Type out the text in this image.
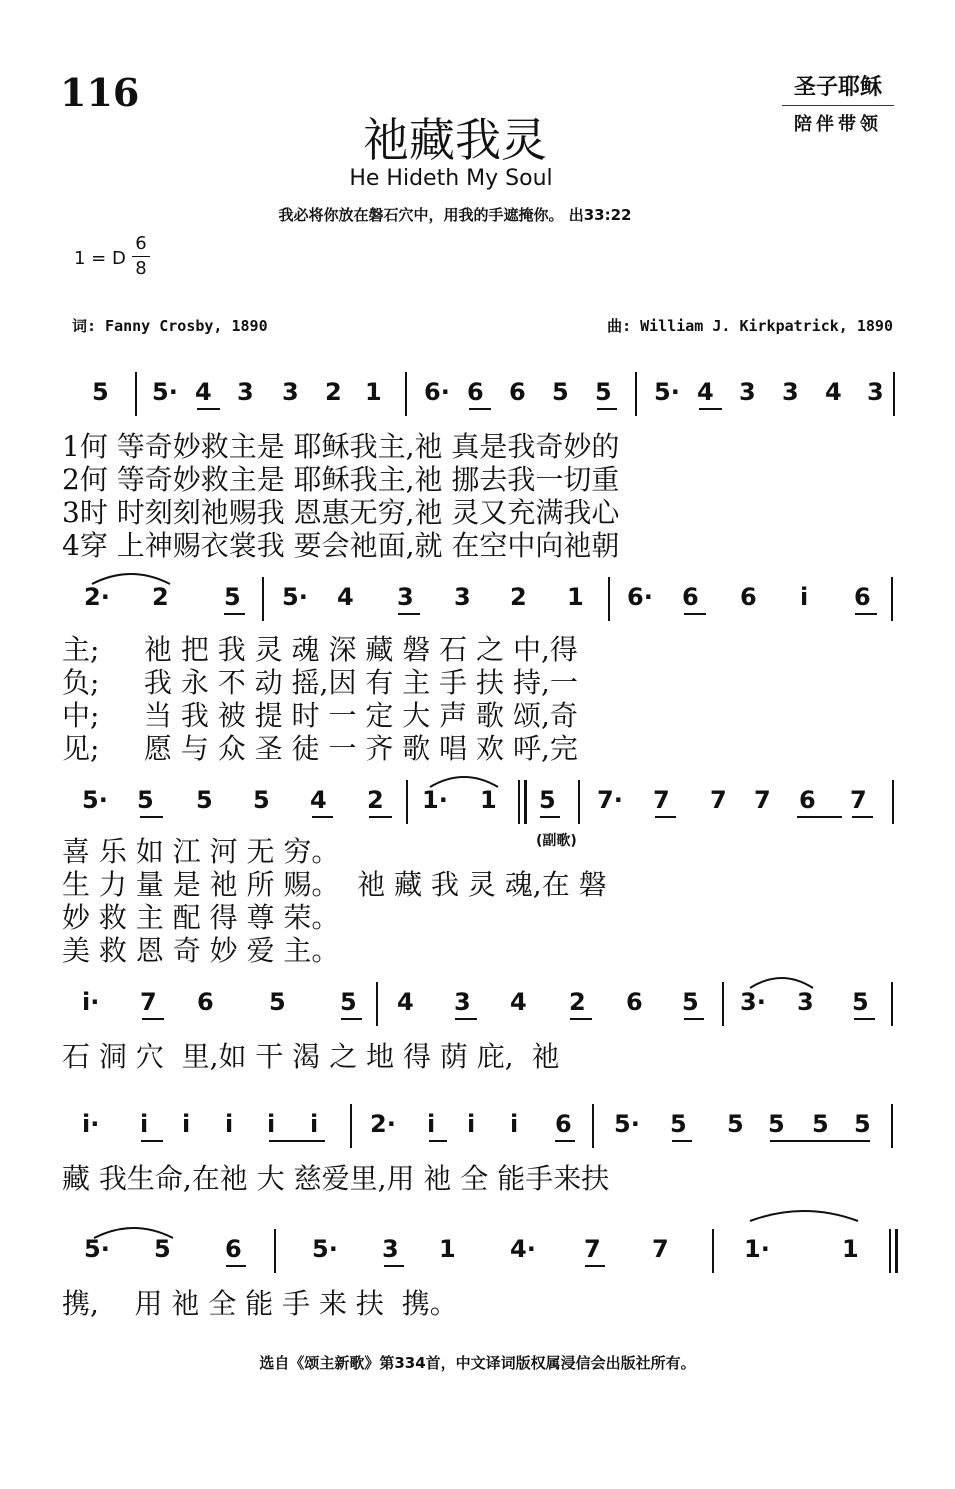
116	圣子耶稣
陪伴带领
祂藏我灵
He Hideth My Soul
我必将你放在磐石穴中，用我的手遮掩你。 出33:22
1 = D $\frac{6}{8}$
词: Fanny Crosby, 1890	曲: William J. Kirkpatrick, 1890
5 5· 4 3 3 2 1 6· 6 6 5 5 5· 4 3 3 4 3
1何 等奇妙救主是 耶稣我主,祂 真是我奇妙的
2何 等奇妙救主是 耶稣我主,祂 挪去我一切重
3时 时刻刻祂赐我 恩惠无穷,祂 灵又充满我心
4穿 上神赐衣裳我 要会祂面,就 在空中向祂朝
2· 2 5 5· 4 3 3 2 1 6· 6 6 i 6
主;     祂 把 我 灵 魂 深 藏 磐 石 之 中,得
负;     我 永 不 动 摇,因 有 主 手 扶 持,一
中;     当 我 被 提 时 一 定 大 声 歌 颂,奇
见;     愿 与 众 圣 徒 一 齐 歌 唱 欢 呼,完
5· 5 5 5 4 2 1· 1 5 7· 7 7 7 6 7
喜 乐 如 江 河 无 穷。
生 力 量 是 祂 所 赐。  祂 藏 我 灵 魂,在 磐
妙 救 主 配 得 尊 荣。
美 救 恩 奇 妙 爱 主。
i· 7 6 5 5 4 3 4 2 6 5 3· 3 5
石 洞 穴  里,如 干 渴 之 地 得 荫 庇,  祂
i· i i i i i 2· i i i 6 5· 5 5 5 5 5
藏 我生命,在祂 大 慈爱里,用 祂 全 能手来扶
5· 5 6	5· 3 1 4· 7 7	1·	1
携,    用 祂 全 能 手 来 扶  携。
(副歌)
选自《颂主新歌》第334首，中文译词版权属浸信会出版社所有。
